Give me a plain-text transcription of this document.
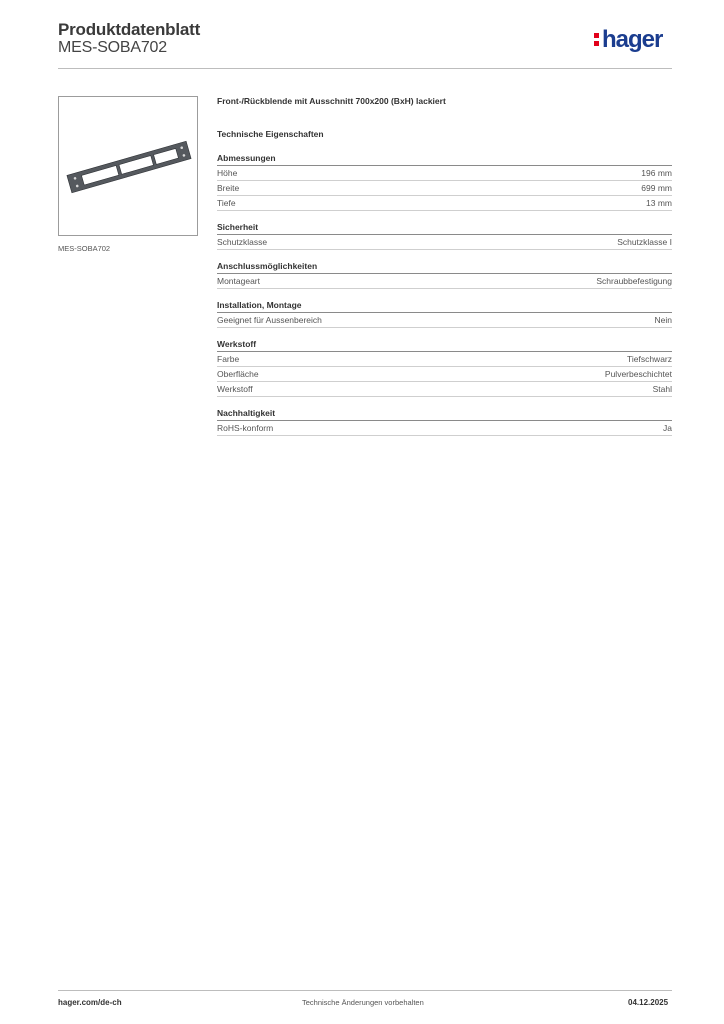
Produktdatenblatt
MES-SOBA702	hager
MES-SOBA702
Front-/Rückblende mit Ausschnitt 700x200 (BxH) lackiert
Technische Eigenschaften
Abmessungen
Höhe	196 mm
Breite	699 mm
Tiefe	13 mm
Sicherheit
Schutzklasse	Schutzklasse I
Anschlussmöglichkeiten
Montageart	Schraubbefestigung
Installation, Montage
Geeignet für Aussenbereich	Nein
Werkstoff
Farbe	Tiefschwarz
Oberfläche	Pulverbeschichtet
Werkstoff	Stahl
Nachhaltigkeit
RoHS-konform	Ja
hager.com/de-ch	Technische Änderungen vorbehalten	04.12.2025
